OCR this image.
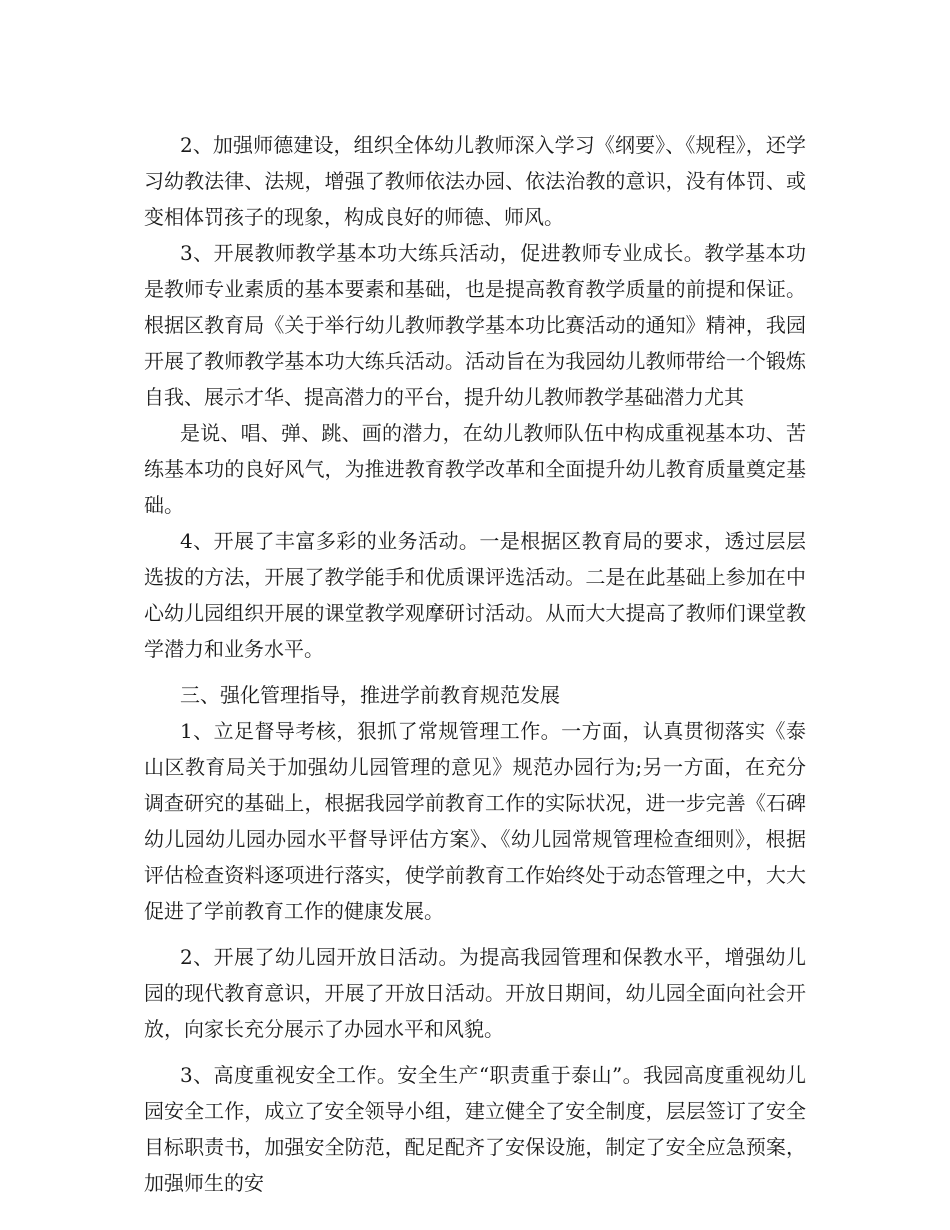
2、加强师德建设，组织全体幼儿教师深入学习《纲要》、《规程》，还学习幼教法律、法规，增强了教师依法办园、依法治教的意识，没有体罚、或变相体罚孩子的现象，构成良好的师德、师风。

3、开展教师教学基本功大练兵活动，促进教师专业成长。教学基本功是教师专业素质的基本要素和基础，也是提高教育教学质量的前提和保证。根据区教育局《关于举行幼儿教师教学基本功比赛活动的通知》精神，我园开展了教师教学基本功大练兵活动。活动旨在为我园幼儿教师带给一个锻炼自我、展示才华、提高潜力的平台，提升幼儿教师教学基础潜力尤其

是说、唱、弹、跳、画的潜力，在幼儿教师队伍中构成重视基本功、苦练基本功的良好风气，为推进教育教学改革和全面提升幼儿教育质量奠定基础。

4、开展了丰富多彩的业务活动。一是根据区教育局的要求，透过层层选拔的方法，开展了教学能手和优质课评选活动。二是在此基础上参加在中心幼儿园组织开展的课堂教学观摩研讨活动。从而大大提高了教师们课堂教学潜力和业务水平。

三、强化管理指导，推进学前教育规范发展

1、立足督导考核，狠抓了常规管理工作。一方面，认真贯彻落实《泰山区教育局关于加强幼儿园管理的意见》规范办园行为;另一方面，在充分调查研究的基础上，根据我园学前教育工作的实际状况，进一步完善《石碑幼儿园幼儿园办园水平督导评估方案》、《幼儿园常规管理检查细则》，根据评估检查资料逐项进行落实，使学前教育工作始终处于动态管理之中，大大促进了学前教育工作的健康发展。

2、开展了幼儿园开放日活动。为提高我园管理和保教水平，增强幼儿园的现代教育意识，开展了开放日活动。开放日期间，幼儿园全面向社会开放，向家长充分展示了办园水平和风貌。

3、高度重视安全工作。安全生产“职责重于泰山”。我园高度重视幼儿园安全工作，成立了安全领导小组，建立健全了安全制度，层层签订了安全目标职责书，加强安全防范，配足配齐了安保设施，制定了安全应急预案，加强师生的安
